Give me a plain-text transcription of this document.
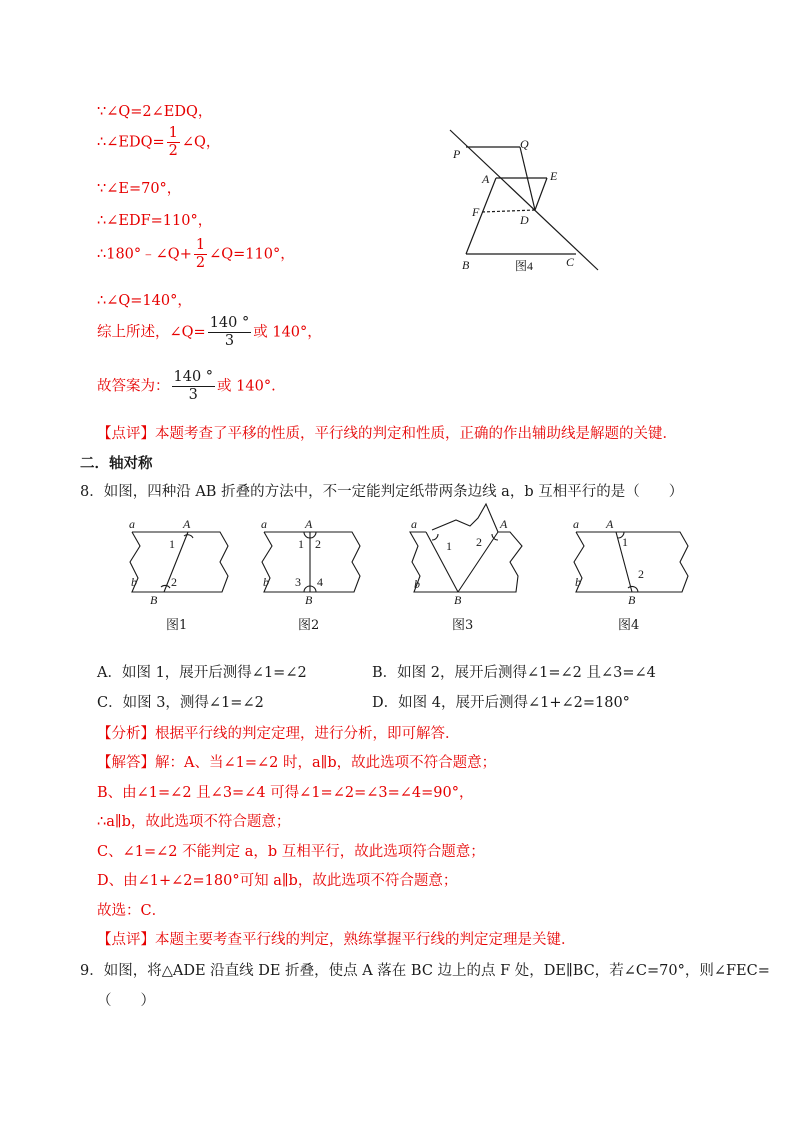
∵∠Q=2∠EDQ，
∴∠EDQ= $\frac{1}{2}$ ∠Q，
∵∠E=70°，
∴∠EDF=110°，
∴180°﹣∠Q+ $\frac{1}{2}$ ∠Q=110°，
∴∠Q=140°，
综上所述，∠Q= $\frac{140 ^\circ}{3}$ 或 140°，
故答案为： $\frac{140 ^\circ}{3}$ 或 140°.
【点评】本题考查了平移的性质，平行线的判定和性质，正确的作出辅助线是解题的关键．
P
Q
A	E
F
D
B	C
图4
二．轴对称
8．如图，四种沿 AB 折叠的方法中，不一定能判定纸带两条边线 a，b 互相平行的是（　　）
a	A
1
b	2
B
图1
a	A
1 2
b 3 4
B
图2
a	A
1 2
b
B
图3
a A
1
b
2
B
图4
A．如图 1，展开后测得∠1=∠2	B．如图 2，展开后测得∠1=∠2 且∠3=∠4
C．如图 3，测得∠1=∠2	D．如图 4，展开后测得∠1+∠2=180°
【分析】根据平行线的判定定理，进行分析，即可解答．
【解答】解：A、当∠1=∠2 时，a∥b，故此选项不符合题意；
B、由∠1=∠2 且∠3=∠4 可得∠1=∠2=∠3=∠4=90°，
∴a∥b，故此选项不符合题意；
C、∠1=∠2 不能判定 a，b 互相平行，故此选项符合题意；
D、由∠1+∠2=180°可知 a∥b，故此选项不符合题意；
故选：C．
【点评】本题主要考查平行线的判定，熟练掌握平行线的判定定理是关键．
9．如图，将△ADE 沿直线 DE 折叠，使点 A 落在 BC 边上的点 F 处，DE∥BC，若∠C=70°，则∠FEC=
（　　）
